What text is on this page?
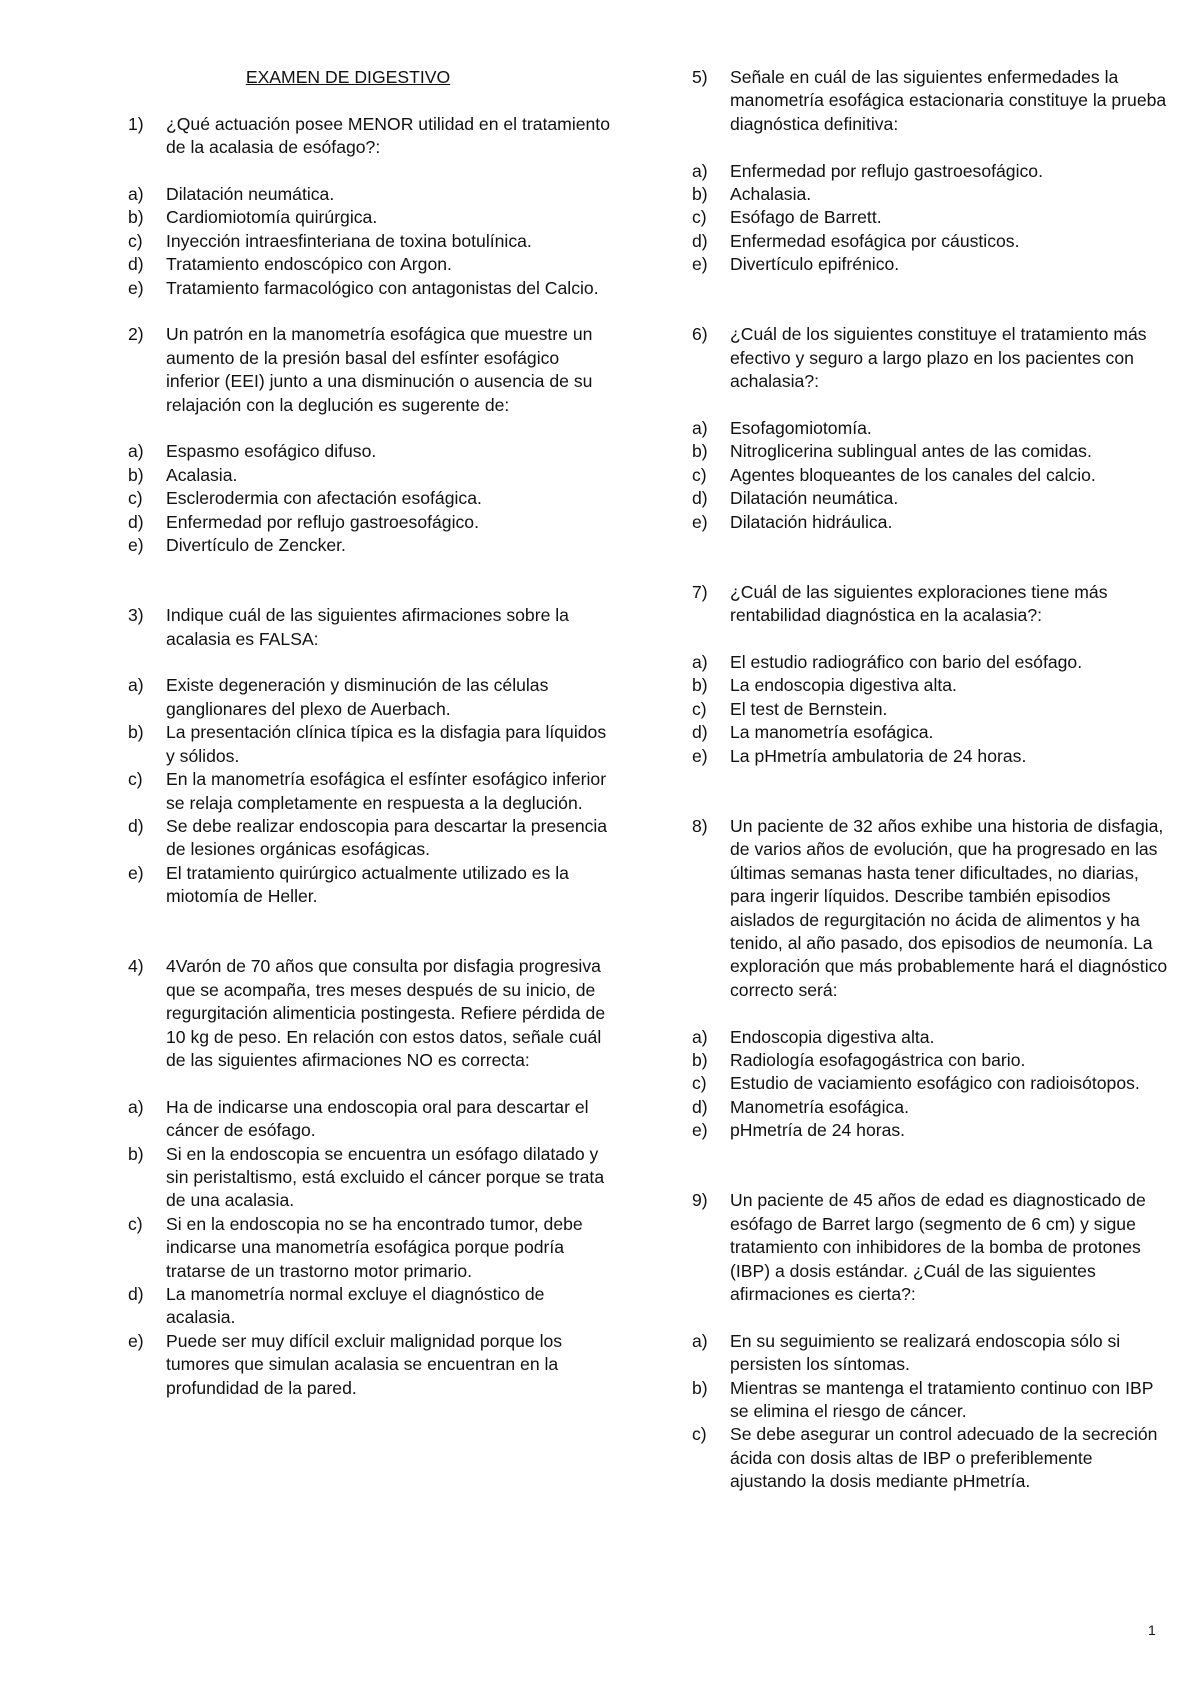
EXAMEN DE DIGESTIVO
1)	¿Qué actuación posee MENOR utilidad en el tratamiento de la acalasia de esófago?:
a)	Dilatación neumática.
b)	Cardiomiotomía quirúrgica.
c)	Inyección intraesfinteriana de toxina botulínica.
d)	Tratamiento endoscópico con Argon.
e)	Tratamiento farmacológico con antagonistas del Calcio.
2)	Un patrón en la manometría esofágica que muestre un aumento de la presión basal del esfínter esofágico inferior (EEI) junto a una disminución o ausencia de su relajación con la deglución es sugerente de:
a)	Espasmo esofágico difuso.
b)	Acalasia.
c)	Esclerodermia con afectación esofágica.
d)	Enfermedad por reflujo gastroesofágico.
e)	Divertículo de Zencker.
3)	Indique cuál de las siguientes afirmaciones sobre la acalasia es FALSA:
a)	Existe degeneración y disminución de las células ganglionares del plexo de Auerbach.
b)	La presentación clínica típica es la disfagia para líquidos y sólidos.
c)	En la manometría esofágica el esfínter esofágico inferior se relaja completamente en respuesta a la deglución.
d)	Se debe realizar endoscopia para descartar la presencia de lesiones orgánicas esofágicas.
e)	El tratamiento quirúrgico actualmente utilizado es la miotomía de Heller.
4)	4Varón de 70 años que consulta por disfagia progresiva que se acompaña, tres meses después de su inicio, de regurgitación alimenticia postingesta. Refiere pérdida de 10 kg de peso. En relación con estos datos, señale cuál de las siguientes afirmaciones NO es correcta:
a)	Ha de indicarse una endoscopia oral para descartar el cáncer de esófago.
b)	Si en la endoscopia se encuentra un esófago dilatado y sin peristaltismo, está excluido el cáncer porque se trata de una acalasia.
c)	Si en la endoscopia no se ha encontrado tumor, debe indicarse una manometría esofágica porque podría tratarse de un trastorno motor primario.
d)	La manometría normal excluye el diagnóstico de acalasia.
e)	Puede ser muy difícil excluir malignidad porque los tumores que simulan acalasia se encuentran en la profundidad de la pared.
5)	Señale en cuál de las siguientes enfermedades la manometría esofágica estacionaria constituye la prueba diagnóstica definitiva:
a)	Enfermedad por reflujo gastroesofágico.
b)	Achalasia.
c)	Esófago de Barrett.
d)	Enfermedad esofágica por cáusticos.
e)	Divertículo epifrénico.
6)	¿Cuál de los siguientes constituye el tratamiento más efectivo y seguro a largo plazo en los pacientes con achalasia?:
a)	Esofagomiotomía.
b)	Nitroglicerina sublingual antes de las comidas.
c)	Agentes bloqueantes de los canales del calcio.
d)	Dilatación neumática.
e)	Dilatación hidráulica.
7)	¿Cuál de las siguientes exploraciones tiene más rentabilidad diagnóstica en la acalasia?:
a)	El estudio radiográfico con bario del esófago.
b)	La endoscopia digestiva alta.
c)	El test de Bernstein.
d)	La manometría esofágica.
e)	La pHmetría ambulatoria de 24 horas.
8)	Un paciente de 32 años exhibe una historia de disfagia, de varios años de evolución, que ha progresado en las últimas semanas hasta tener dificultades, no diarias, para ingerir líquidos. Describe también episodios aislados de regurgitación no ácida de alimentos y ha tenido, al año pasado, dos episodios de neumonía. La exploración que más probablemente hará el diagnóstico correcto será:
a)	Endoscopia digestiva alta.
b)	Radiología esofagogástrica con bario.
c)	Estudio de vaciamiento esofágico con radioisótopos.
d)	Manometría esofágica.
e)	pHmetría de 24 horas.
9)	Un paciente de 45 años de edad es diagnosticado de esófago de Barret largo (segmento de 6 cm) y sigue tratamiento con inhibidores de la bomba de protones (IBP) a dosis estándar. ¿Cuál de las siguientes afirmaciones es cierta?:
a)	En su seguimiento se realizará endoscopia sólo si persisten los síntomas.
b)	Mientras se mantenga el tratamiento continuo con IBP se elimina el riesgo de cáncer.
c)	Se debe asegurar un control adecuado de la secreción ácida con dosis altas de IBP o preferiblemente ajustando la dosis mediante pHmetría.
1
